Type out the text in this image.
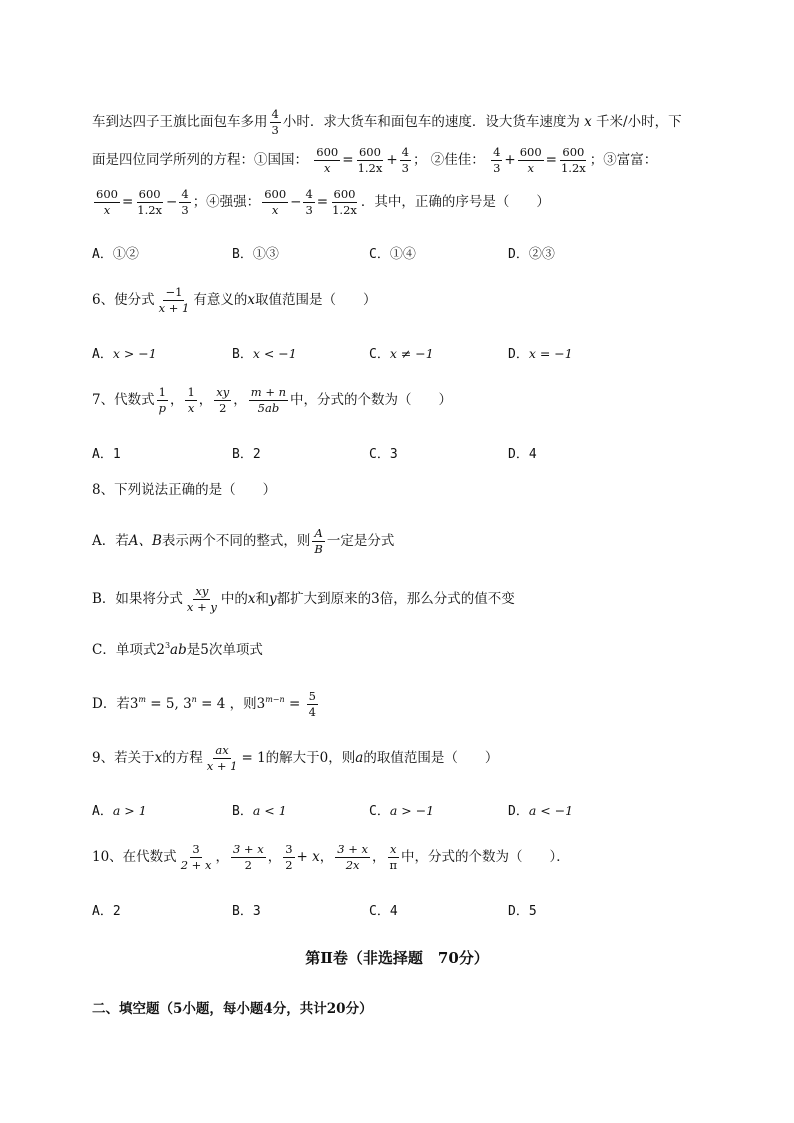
车到达四子王旗比面包车多用 $\frac{4}{3}$ 小时．求大货车和面包车的速度．设大货车速度为 x 千米/小时，下
面是四位同学所列的方程：①国国： $\frac{600}{x} = \frac{600}{1.2x} + \frac{4}{3}$ ； ②佳佳： $\frac{4}{3} + \frac{600}{x} = \frac{600}{1.2x}$ ；③富富：
$\frac{600}{x} = \frac{600}{1.2x} - \frac{4}{3}$ ；④强强： $\frac{600}{x} - \frac{4}{3} = \frac{600}{1.2x}$ ．其中，正确的序号是（　　）
A．①②	B．①③	C．①④	D．②③
6、使分式 $\frac{-1}{x + 1}$ 有意义的x取值范围是（　　）
A．x > −1	B．x < −1	C．x ≠ −1	D．x = −1
7、代数式 $\frac{1}{p}$ ， $\frac{1}{x}$ ， $\frac{xy}{2}$ ， $\frac{m + n}{5ab}$ 中，分式的个数为（　　）
A．1	B．2	C．3	D．4
8、下列说法正确的是（　　）
A．若A、B表示两个不同的整式，则 $\frac{A}{B}$ 一定是分式
B．如果将分式 $\frac{xy}{x + y}$ 中的x和y都扩大到原来的3倍，那么分式的值不变
C．单项式$2^3ab$是5次单项式
D．若$3^m = 5$, $3^n = 4$ ，则$3^{m-n} = \frac{5}{4}$
9、若关于x的方程 $\frac{ax}{x + 1} = 1$的解大于0，则a的取值范围是（　　）
A．a > 1	B．a < 1	C．a > −1	D．a < −1
10、在代数式 $\frac{3}{2 + x}$ ， $\frac{3 + x}{2}$ ， $\frac{3}{2} + x$， $\frac{3 + x}{2x}$ ， $\frac{x}{\pi}$ 中，分式的个数为（　　）．
A．2	B．3	C．4	D．5
第Ⅱ卷（非选择题　70分）
二、填空题（5小题，每小题4分，共计20分）
